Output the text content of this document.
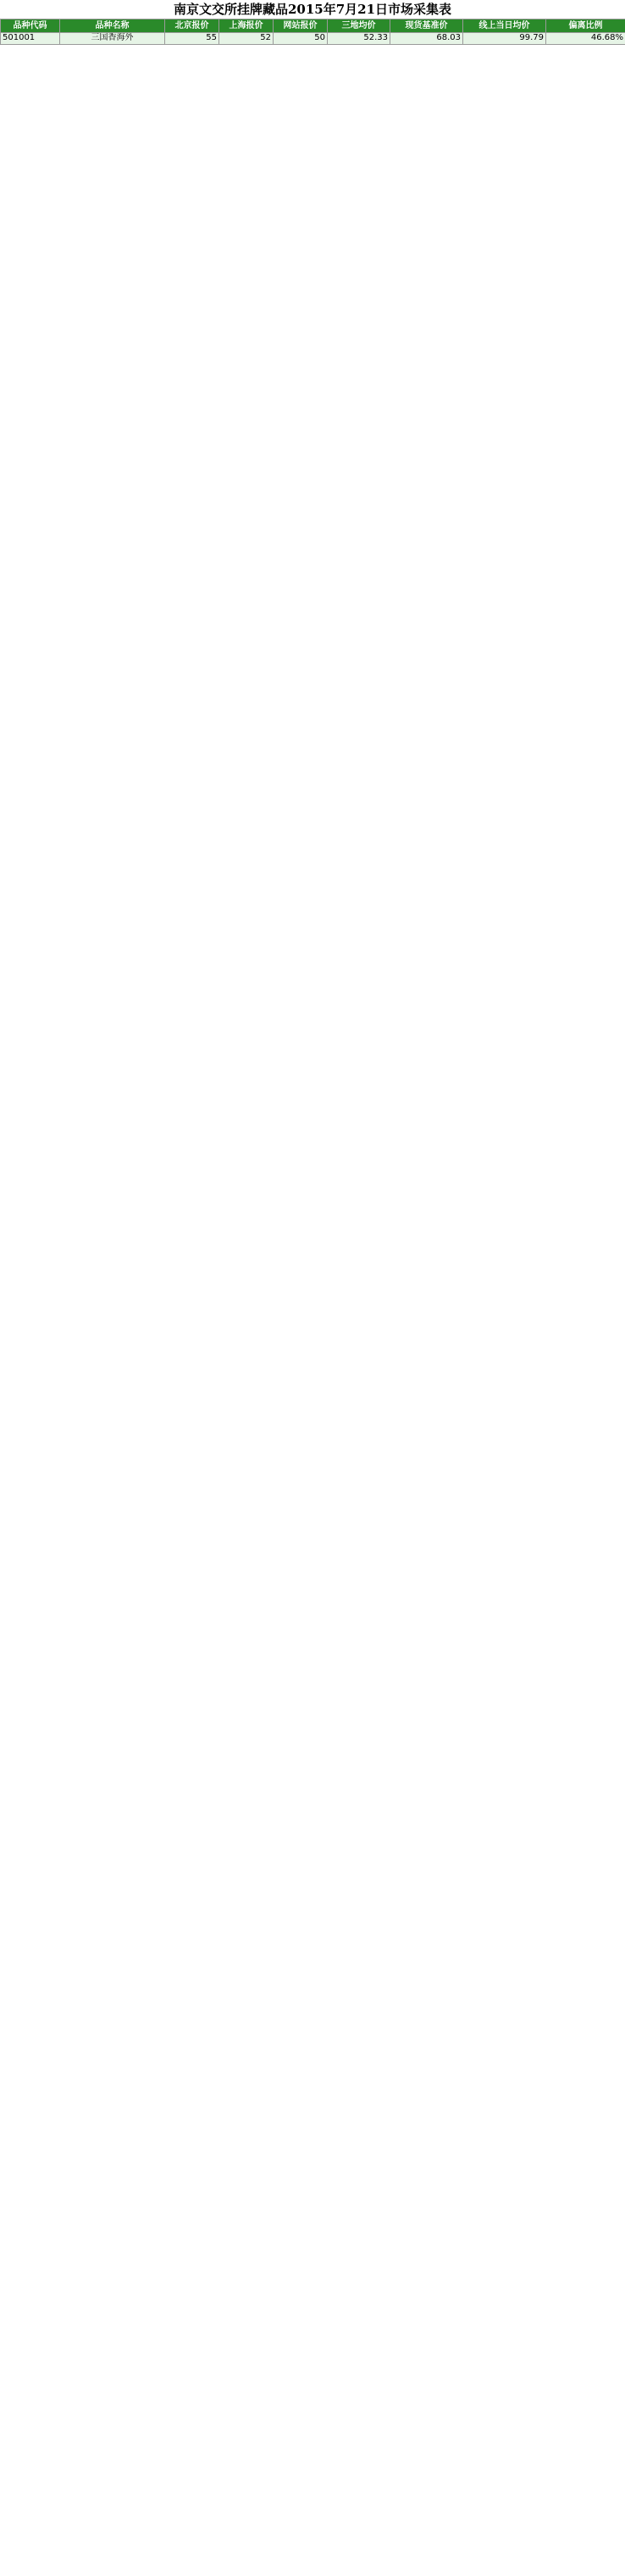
南京文交所挂牌藏品2015年7月21日市场采集表
品种代码	品种名称	北京报价	上海报价	网站报价	三地均价	现货基准价	线上当日均价	偏离比例
501001	三国香海外	55	52	50	52.33	68.03	99.79	46.68%
